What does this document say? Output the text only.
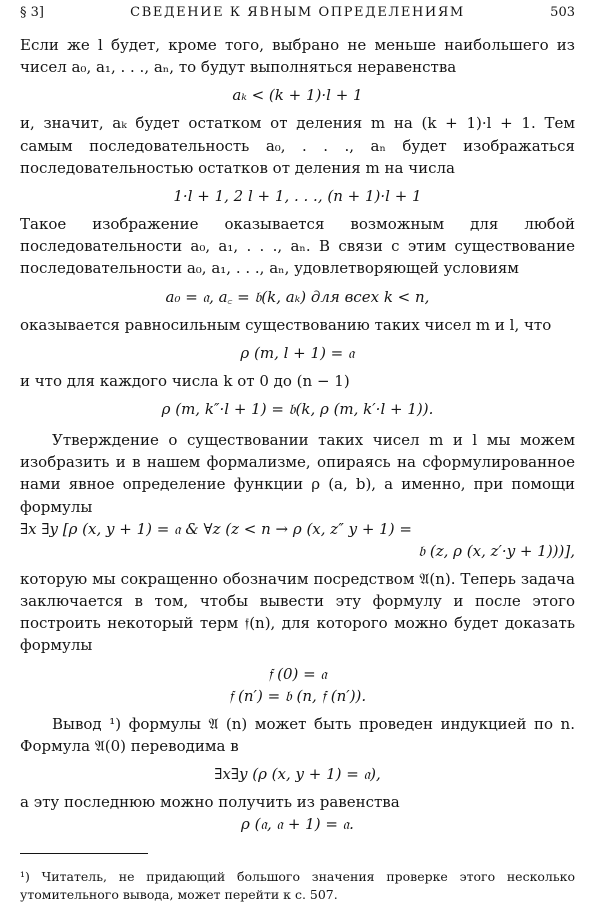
§ 3]	СВЕДЕНИЕ К ЯВНЫМ ОПРЕДЕЛЕНИЯМ	503

Если же l будет, кроме того, выбрано не меньше наибольшего из чисел a₀, a₁, . . ., aₙ, то будут выполняться неравенства

aₖ < (k + 1)·l + 1

и, значит, aₖ будет остатком от деления m на (k + 1)·l + 1. Тем самым последовательность a₀, . . ., aₙ будет изображаться последовательностью остатков от деления m на числа

1·l + 1, 2 l + 1, . . ., (n + 1)·l + 1

Такое изображение оказывается возможным для любой последовательности a₀, a₁, . . ., aₙ. В связи с этим существование последовательности a₀, a₁, . . ., aₙ, удовлетворяющей условиям

a₀ = 𝔞, a꜀ = 𝔟(k, aₖ) для всех k < n,

оказывается равносильным существованию таких чисел m и l, что

ρ (m, l + 1) = 𝔞

и что для каждого числа k от 0 до (n − 1)

ρ (m, k″·l + 1) = 𝔟(k, ρ (m, k′·l + 1)).

Утверждение о существовании таких чисел m и l мы можем изобразить и в нашем формализме, опираясь на сформулированное нами явное определение функции ρ (a, b), а именно, при помощи формулы

∃x ∃y [ρ (x, y + 1) = 𝔞 & ∀z (z < n → ρ (x, z″ y + 1) =
𝔟 (z, ρ (x, z′·y + 1)))],

которую мы сокращенно обозначим посредством 𝔄(n). Теперь задача заключается в том, чтобы вывести эту формулу и после этого построить некоторый терм 𝔣(n), для которого можно будет доказать формулы

𝔣 (0) = 𝔞
𝔣 (n′) = 𝔟 (n, 𝔣 (n′)).

Вывод ¹) формулы 𝔄 (n) может быть проведен индукцией по n. Формула 𝔄(0) переводима в

∃x∃y (ρ (x, y + 1) = 𝔞),

а эту последнюю можно получить из равенства

ρ (𝔞, 𝔞 + 1) = 𝔞.

¹) Читатель, не придающий большого значения проверке этого несколько утомительного вывода, может перейти к с. 507.
